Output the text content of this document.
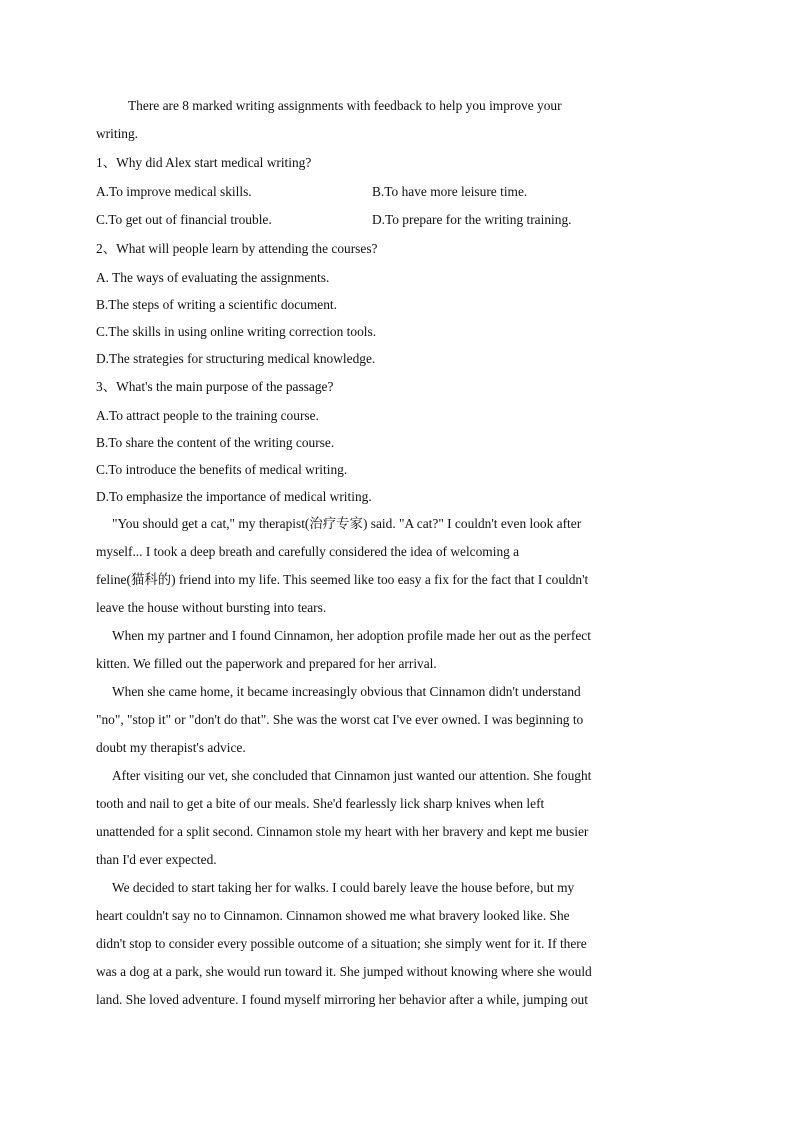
There are 8 marked writing assignments with feedback to help you improve your
writing.
1、Why did Alex start medical writing?
A.To improve medical skills.	B.To have more leisure time.
C.To get out of financial trouble.	D.To prepare for the writing training.
2、What will people learn by attending the courses?
A. The ways of evaluating the assignments.
B.The steps of writing a scientific document.
C.The skills in using online writing correction tools.
D.The strategies for structuring medical knowledge.
3、What's the main purpose of the passage?
A.To attract people to the training course.
B.To share the content of the writing course.
C.To introduce the benefits of medical writing.
D.To emphasize the importance of medical writing.
"You should get a cat," my therapist(治疗专家) said. "A cat?" I couldn't even look after
myself... I took a deep breath and carefully considered the idea of welcoming a
feline(猫科的) friend into my life. This seemed like too easy a fix for the fact that I couldn't
leave the house without bursting into tears.
When my partner and I found Cinnamon, her adoption profile made her out as the perfect
kitten. We filled out the paperwork and prepared for her arrival.
When she came home, it became increasingly obvious that Cinnamon didn't understand
"no", "stop it" or "don't do that". She was the worst cat I've ever owned. I was beginning to
doubt my therapist's advice.
After visiting our vet, she concluded that Cinnamon just wanted our attention. She fought
tooth and nail to get a bite of our meals. She'd fearlessly lick sharp knives when left
unattended for a split second. Cinnamon stole my heart with her bravery and kept me busier
than I'd ever expected.
We decided to start taking her for walks. I could barely leave the house before, but my
heart couldn't say no to Cinnamon. Cinnamon showed me what bravery looked like. She
didn't stop to consider every possible outcome of a situation; she simply went for it. If there
was a dog at a park, she would run toward it. She jumped without knowing where she would
land. She loved adventure. I found myself mirroring her behavior after a while, jumping out
